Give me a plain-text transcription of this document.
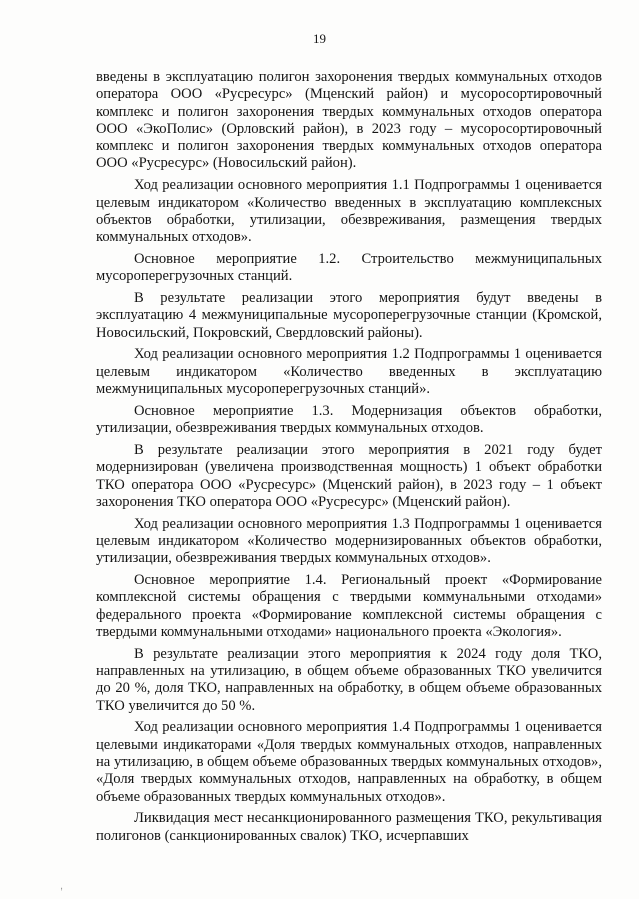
19

введены в эксплуатацию полигон захоронения твердых коммунальных отходов оператора ООО «Русресурс» (Мценский район) и мусоросортировочный комплекс и полигон захоронения твердых коммунальных отходов оператора ООО «ЭкоПолис» (Орловский район), в 2023 году – мусоросортировочный комплекс и полигон захоронения твердых коммунальных отходов оператора ООО «Русресурс» (Новосильский район).

Ход реализации основного мероприятия 1.1 Подпрограммы 1 оценивается целевым индикатором «Количество введенных в эксплуатацию комплексных объектов обработки, утилизации, обезвреживания, размещения твердых коммунальных отходов».

Основное мероприятие 1.2. Строительство межмуниципальных мусороперегрузочных станций.

В результате реализации этого мероприятия будут введены в эксплуатацию 4 межмуниципальные мусороперегрузочные станции (Кромской, Новосильский, Покровский, Свердловский районы).

Ход реализации основного мероприятия 1.2 Подпрограммы 1 оценивается целевым индикатором «Количество введенных в эксплуатацию межмуниципальных мусороперегрузочных станций».

Основное мероприятие 1.3. Модернизация объектов обработки, утилизации, обезвреживания твердых коммунальных отходов.

В результате реализации этого мероприятия в 2021 году будет модернизирован (увеличена производственная мощность) 1 объект обработки ТКО оператора ООО «Русресурс» (Мценский район), в 2023 году – 1 объект захоронения ТКО оператора ООО «Русресурс» (Мценский район).

Ход реализации основного мероприятия 1.3 Подпрограммы 1 оценивается целевым индикатором «Количество модернизированных объектов обработки, утилизации, обезвреживания твердых коммунальных отходов».

Основное мероприятие 1.4. Региональный проект «Формирование комплексной системы обращения с твердыми коммунальными отходами» федерального проекта «Формирование комплексной системы обращения с твердыми коммунальными отходами» национального проекта «Экология».

В результате реализации этого мероприятия к 2024 году доля ТКО, направленных на утилизацию, в общем объеме образованных ТКО увеличится до 20 %, доля ТКО, направленных на обработку, в общем объеме образованных ТКО увеличится до 50 %.

Ход реализации основного мероприятия 1.4 Подпрограммы 1 оценивается целевыми индикаторами «Доля твердых коммунальных отходов, направленных на утилизацию, в общем объеме образованных твердых коммунальных отходов», «Доля твердых коммунальных отходов, направленных на обработку, в общем объеме образованных твердых коммунальных отходов».

Ликвидация мест несанкционированного размещения ТКО, рекультивация полигонов (санкционированных свалок) ТКО, исчерпавших

,
